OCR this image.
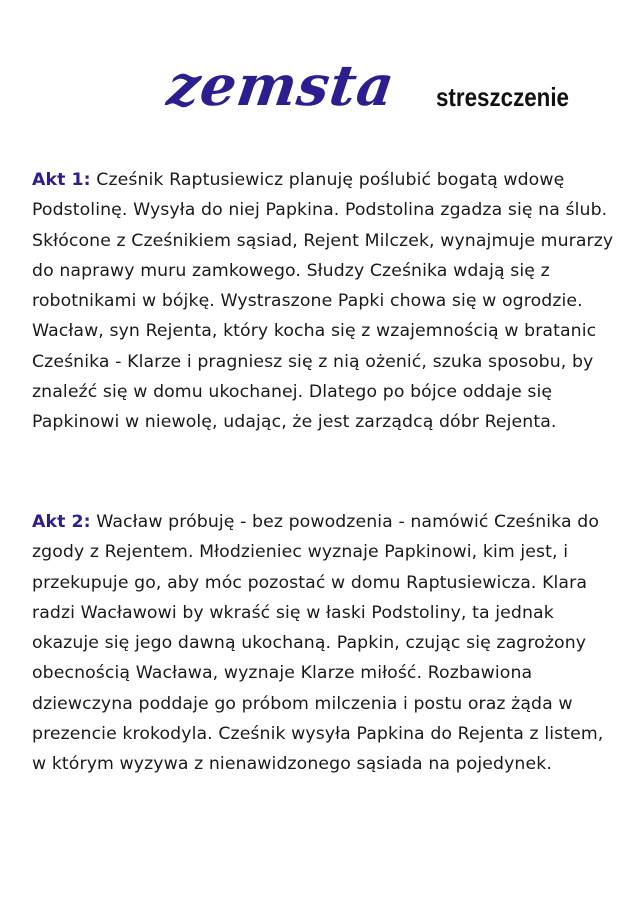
zemsta streszczenie

Akt 1: Cześnik Raptusiewicz planuję poślubić bogatą wdowę Podstolinę. Wysyła do niej Papkina. Podstolina zgadza się na ślub. Skłócone z Cześnikiem sąsiad, Rejent Milczek, wynajmuje murarzy do naprawy muru zamkowego. Słudzy Cześnika wdają się z robotnikami w bójkę. Wystraszone Papki chowa się w ogrodzie. Wacław, syn Rejenta, który kocha się z wzajemnością w bratanic Cześnika - Klarze i pragniesz się z nią ożenić, szuka sposobu, by znaleźć się w domu ukochanej. Dlatego po bójce oddaje się Papkinowi w niewolę, udając, że jest zarządcą dóbr Rejenta.

Akt 2: Wacław próbuję - bez powodzenia - namówić Cześnika do zgody z Rejentem. Młodzieniec wyznaje Papkinowi, kim jest, i przekupuje go, aby móc pozostać w domu Raptusiewicza. Klara radzi Wacławowi by wkraść się w łaski Podstoliny, ta jednak okazuje się jego dawną ukochaną. Papkin, czując się zagrożony obecnością Wacława, wyznaje Klarze miłość. Rozbawiona dziewczyna poddaje go próbom milczenia i postu oraz żąda w prezencie krokodyla. Cześnik wysyła Papkina do Rejenta z listem, w którym wyzywa z nienawidzonego sąsiada na pojedynek.
